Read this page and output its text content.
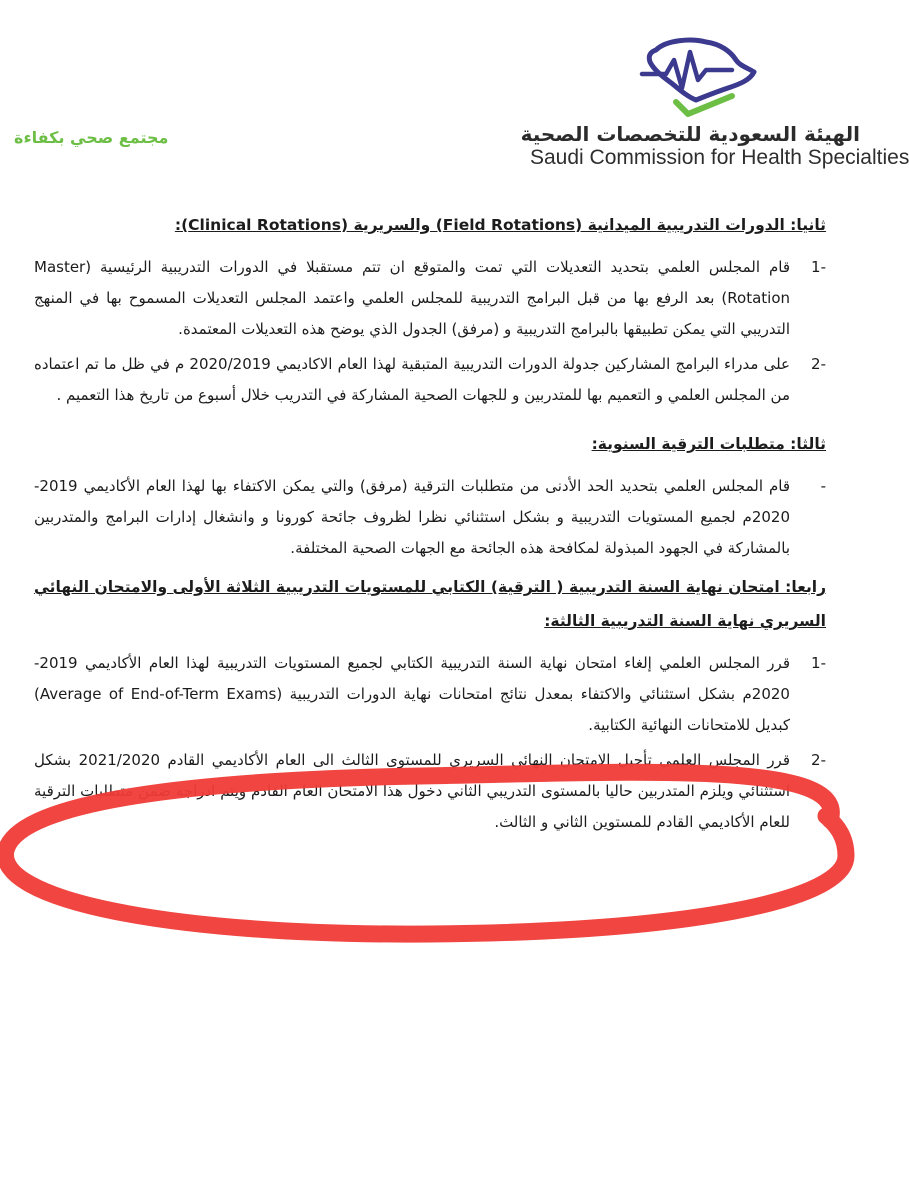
الهيئة السعودية للتخصصات الصحية
Saudi Commission for Health Specialties
مجتمع صحي بكفاءة
ثانيا: الدورات التدريبية الميدانية (Field Rotations) والسريرية (Clinical Rotations):
-1
قام المجلس العلمي بتحديد التعديلات التي تمت والمتوقع ان تتم مستقبلا في الدورات التدريبية الرئيسية (Master Rotation) بعد الرفع بها من قبل البرامج التدريبية للمجلس العلمي واعتمد المجلس التعديلات المسموح بها في المنهج التدريبي التي يمكن تطبيقها بالبرامج التدريبية و (مرفق) الجدول الذي يوضح هذه التعديلات المعتمدة.
-2
على مدراء البرامج المشاركين جدولة الدورات التدريبية المتبقية لهذا العام الاكاديمي 2020/2019 م في ظل ما تم اعتماده من المجلس العلمي و التعميم بها للمتدربين و للجهات الصحية المشاركة في التدريب خلال أسبوع من تاريخ هذا التعميم .
ثالثا: متطلبات الترقية السنوية:
-
قام المجلس العلمي بتحديد الحد الأدنى من متطلبات الترقية (مرفق) والتي يمكن الاكتفاء بها لهذا العام الأكاديمي 2019-2020م لجميع المستويات التدريبية و بشكل استثنائي نظرا لظروف جائحة كورونا و وانشغال إدارات البرامج والمتدربين بالمشاركة في الجهود المبذولة لمكافحة هذه الجائحة مع الجهات الصحية المختلفة.
رابعا: امتحان نهاية السنة التدريبية ( الترقية) الكتابي للمستويات التدريبية الثلاثة الأولى والامتحان النهائي السريري نهاية السنة التدريبية الثالثة:
-1
قرر المجلس العلمي إلغاء امتحان نهاية السنة التدريبية الكتابي لجميع المستويات التدريبية لهذا العام الأكاديمي 2019-2020م بشكل استثنائي والاكتفاء بمعدل نتائج امتحانات نهاية الدورات التدريبية (Average of End-of-Term Exams) كبديل للامتحانات النهائية الكتابية.
-2
قرر المجلس العلمي تأجيل الامتحان النهائي السريري للمستوى الثالث الى العام الأكاديمي القادم 2021/2020 بشكل استثنائي ويلزم المتدربين حاليا بالمستوى التدريبي الثاني دخول هذا الامتحان العام القادم ويتم ادراجه ضمن متطلبات الترقية للعام الأكاديمي القادم للمستوين الثاني و الثالث.
